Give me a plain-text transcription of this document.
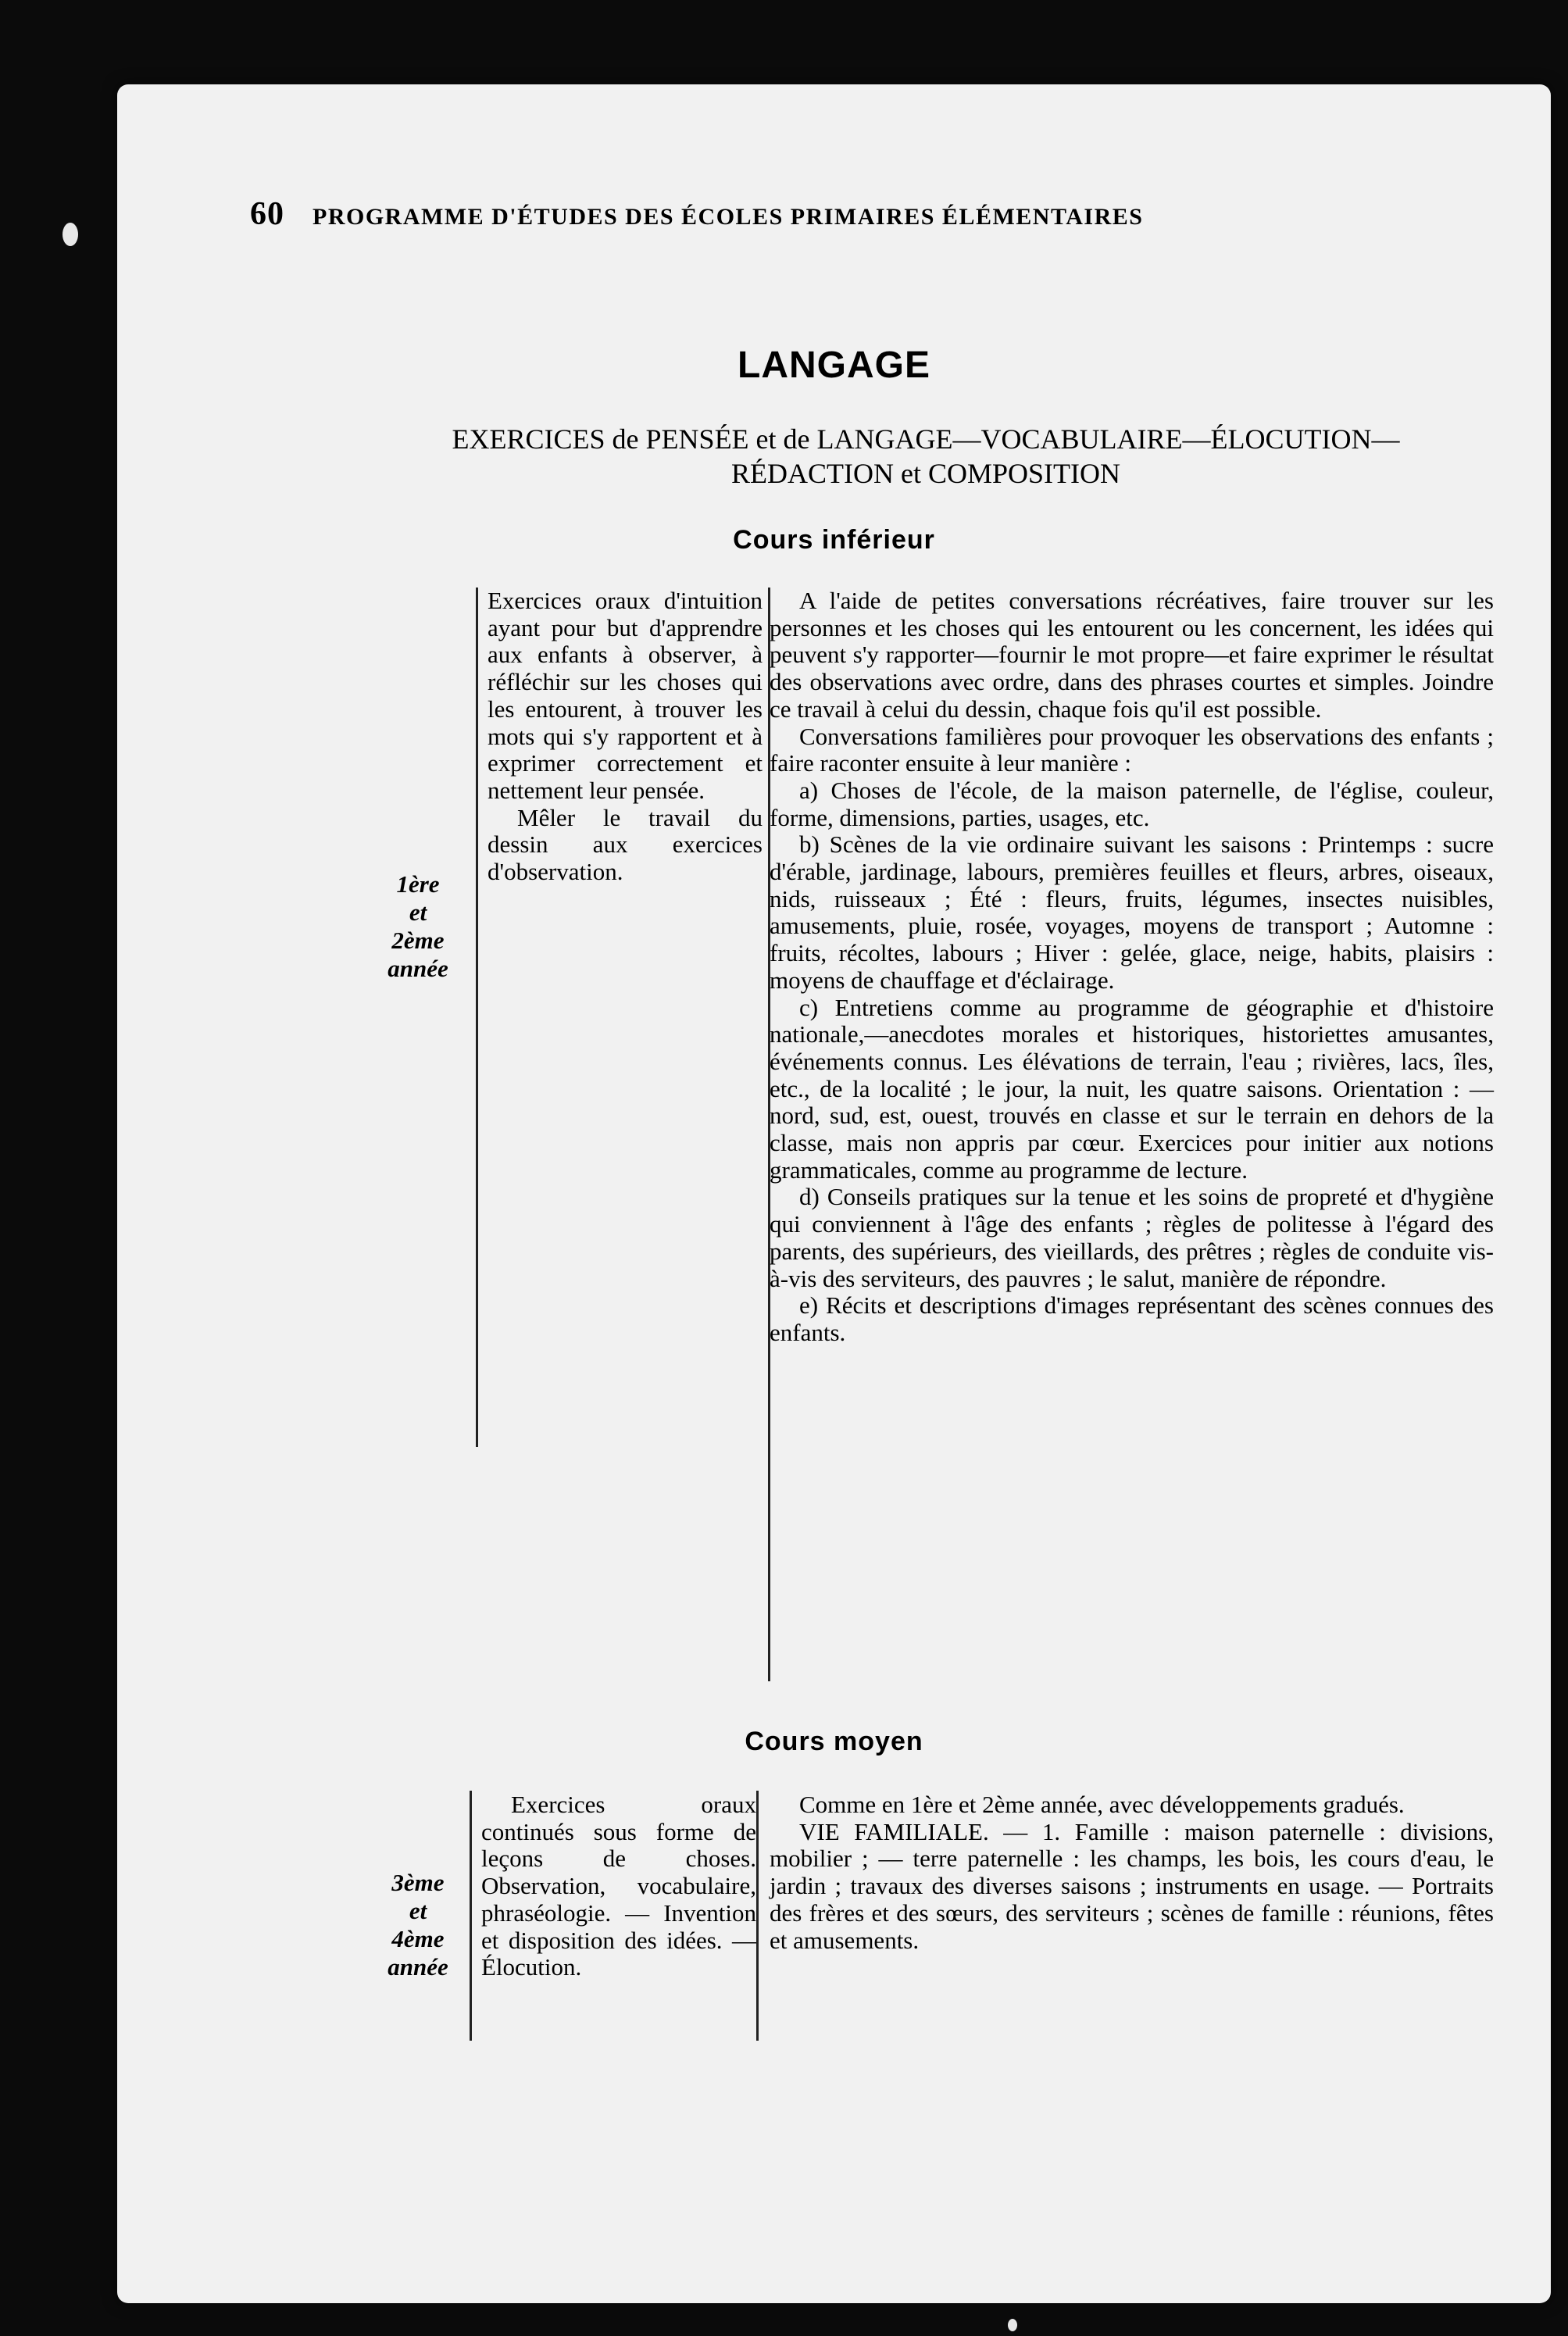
60 PROGRAMME D'ÉTUDES DES ÉCOLES PRIMAIRES ÉLÉMENTAIRES
LANGAGE
EXERCICES de PENSÉE et de LANGAGE—VOCABULAIRE—ÉLOCUTION—
RÉDACTION et COMPOSITION
Cours inférieur
1ère
et
2ème
année

Exercices oraux d'intuition ayant pour but d'apprendre aux enfants à observer, à réfléchir sur les choses qui les entourent, à trouver les mots qui s'y rapportent et à exprimer correctement et nettement leur pensée.

Mêler le travail du dessin aux exercices d'observation.

A l'aide de petites conversations récréatives, faire trouver sur les personnes et les choses qui les entourent ou les concernent, les idées qui peuvent s'y rapporter—fournir le mot propre—et faire exprimer le résultat des observations avec ordre, dans des phrases courtes et simples. Joindre ce travail à celui du dessin, chaque fois qu'il est possible.

Conversations familières pour provoquer les observations des enfants ; faire raconter ensuite à leur manière :

a) Choses de l'école, de la maison paternelle, de l'église, couleur, forme, dimensions, parties, usages, etc.

b) Scènes de la vie ordinaire suivant les saisons : Printemps : sucre d'érable, jardinage, labours, premières feuilles et fleurs, arbres, oiseaux, nids, ruisseaux ; Été : fleurs, fruits, légumes, insectes nuisibles, amusements, pluie, rosée, voyages, moyens de transport ; Automne : fruits, récoltes, labours ; Hiver : gelée, glace, neige, habits, plaisirs : moyens de chauffage et d'éclairage.

c) Entretiens comme au programme de géographie et d'histoire nationale,—anecdotes morales et historiques, historiettes amusantes, événements connus. Les élévations de terrain, l'eau ; rivières, lacs, îles, etc., de la localité ; le jour, la nuit, les quatre saisons. Orientation : — nord, sud, est, ouest, trouvés en classe et sur le terrain en dehors de la classe, mais non appris par cœur. Exercices pour initier aux notions grammaticales, comme au programme de lecture.

d) Conseils pratiques sur la tenue et les soins de propreté et d'hygiène qui conviennent à l'âge des enfants ; règles de politesse à l'égard des parents, des supérieurs, des vieillards, des prêtres ; règles de conduite vis-à-vis des serviteurs, des pauvres ; le salut, manière de répondre.

e) Récits et descriptions d'images représentant des scènes connues des enfants.

Cours moyen
3ème
et
4ème
année

Exercices oraux continués sous forme de leçons de choses. Observation, vocabulaire, phraséologie. — Invention et disposition des idées. — Élocution.

Comme en 1ère et 2ème année, avec développements gradués.

VIE FAMILIALE. — 1. Famille : maison paternelle : divisions, mobilier ; — terre paternelle : les champs, les bois, les cours d'eau, le jardin ; travaux des diverses saisons ; instruments en usage. — Portraits des frères et des sœurs, des serviteurs ; scènes de famille : réunions, fêtes et amusements.
